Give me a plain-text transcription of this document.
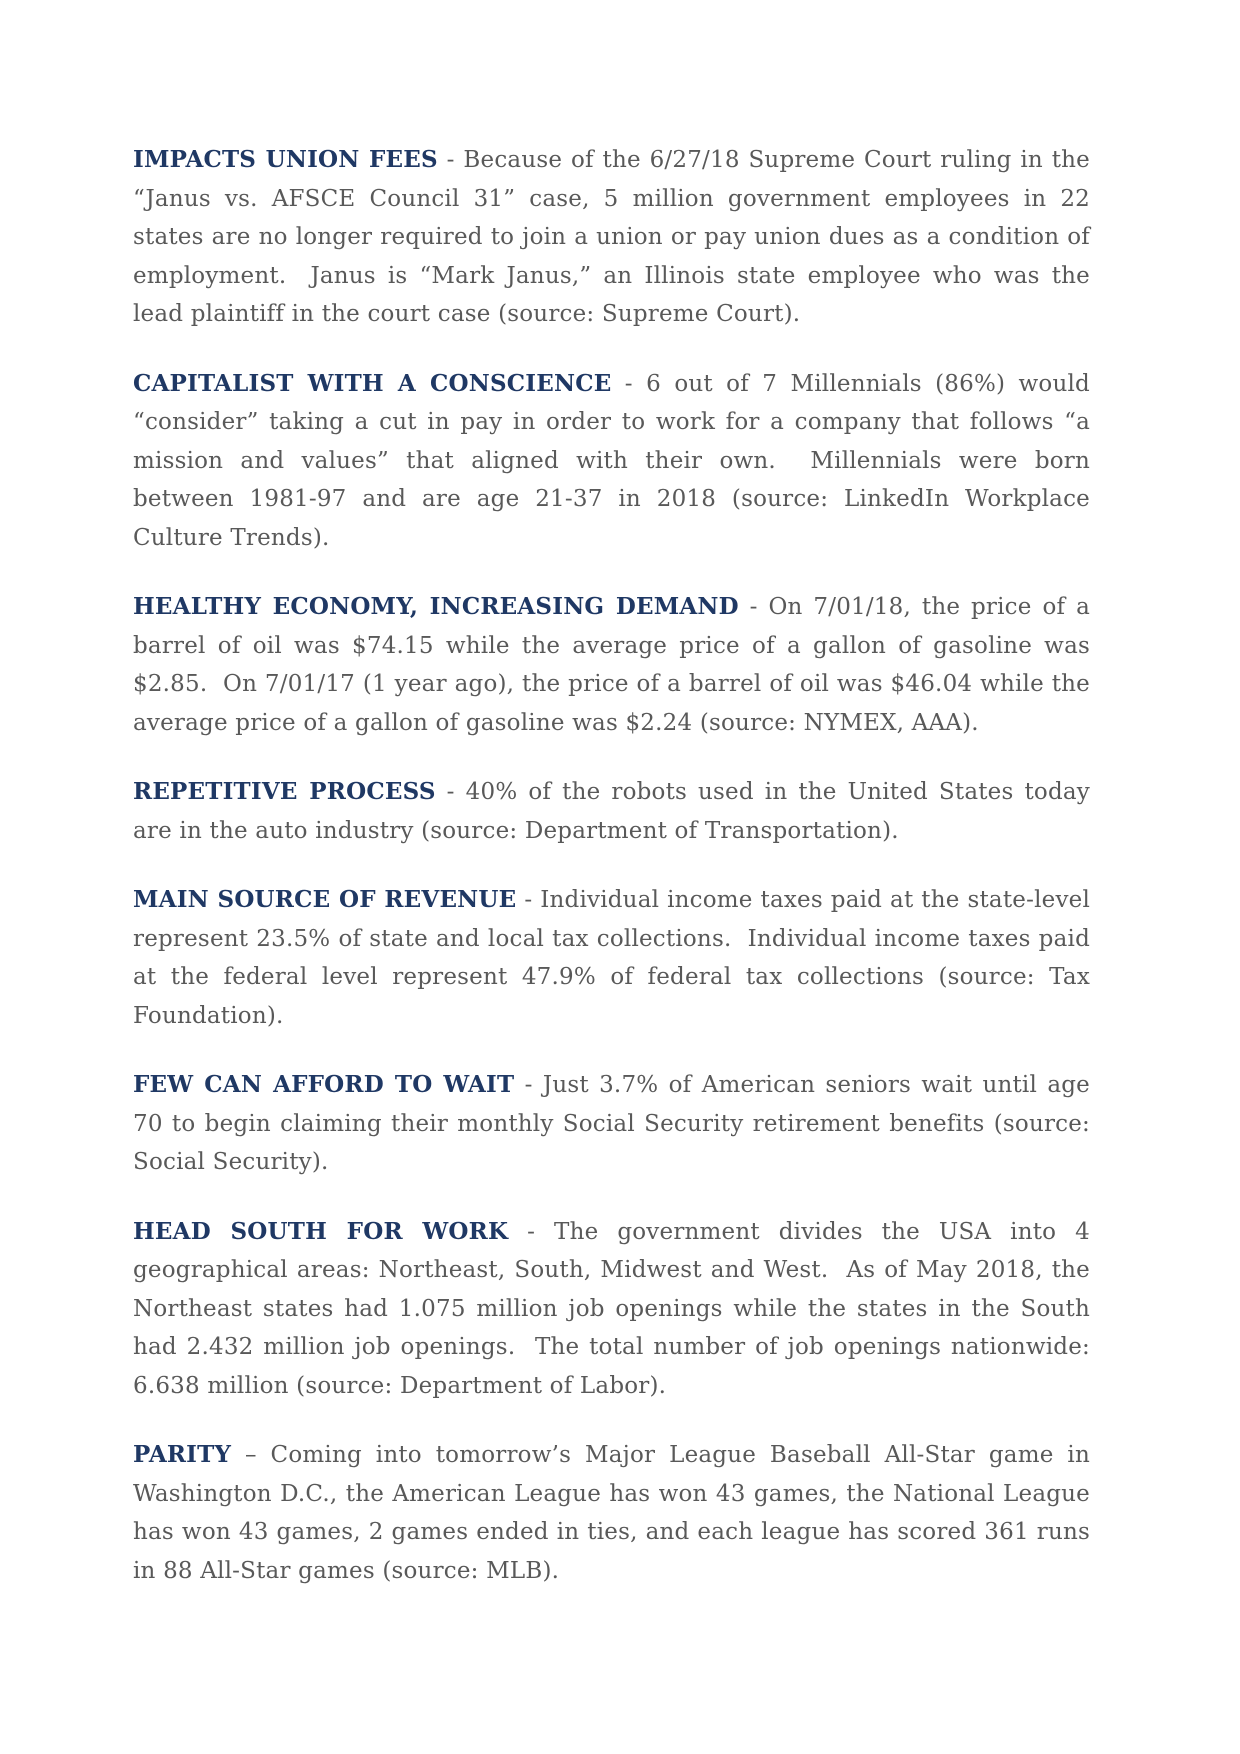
IMPACTS UNION FEES - Because of the 6/27/18 Supreme Court ruling in the “Janus vs. AFSCE Council 31” case, 5 million government employees in 22 states are no longer required to join a union or pay union dues as a condition of employment.  Janus is “Mark Janus,” an Illinois state employee who was the lead plaintiff in the court case (source: Supreme Court).

CAPITALIST WITH A CONSCIENCE - 6 out of 7 Millennials (86%) would “consider” taking a cut in pay in order to work for a company that follows “a mission and values” that aligned with their own.  Millennials were born between 1981-97 and are age 21-37 in 2018 (source: LinkedIn Workplace Culture Trends).

HEALTHY ECONOMY, INCREASING DEMAND - On 7/01/18, the price of a barrel of oil was $74.15 while the average price of a gallon of gasoline was $2.85.  On 7/01/17 (1 year ago), the price of a barrel of oil was $46.04 while the average price of a gallon of gasoline was $2.24 (source: NYMEX, AAA).

REPETITIVE PROCESS - 40% of the robots used in the United States today are in the auto industry (source: Department of Transportation).

MAIN SOURCE OF REVENUE - Individual income taxes paid at the state-level represent 23.5% of state and local tax collections.  Individual income taxes paid at the federal level represent 47.9% of federal tax collections (source: Tax Foundation).

FEW CAN AFFORD TO WAIT - Just 3.7% of American seniors wait until age 70 to begin claiming their monthly Social Security retirement benefits (source: Social Security).

HEAD SOUTH FOR WORK - The government divides the USA into 4 geographical areas: Northeast, South, Midwest and West.  As of May 2018, the Northeast states had 1.075 million job openings while the states in the South had 2.432 million job openings.  The total number of job openings nationwide: 6.638 million (source: Department of Labor).

PARITY – Coming into tomorrow’s Major League Baseball All-Star game in Washington D.C., the American League has won 43 games, the National League has won 43 games, 2 games ended in ties, and each league has scored 361 runs in 88 All-Star games (source: MLB).
